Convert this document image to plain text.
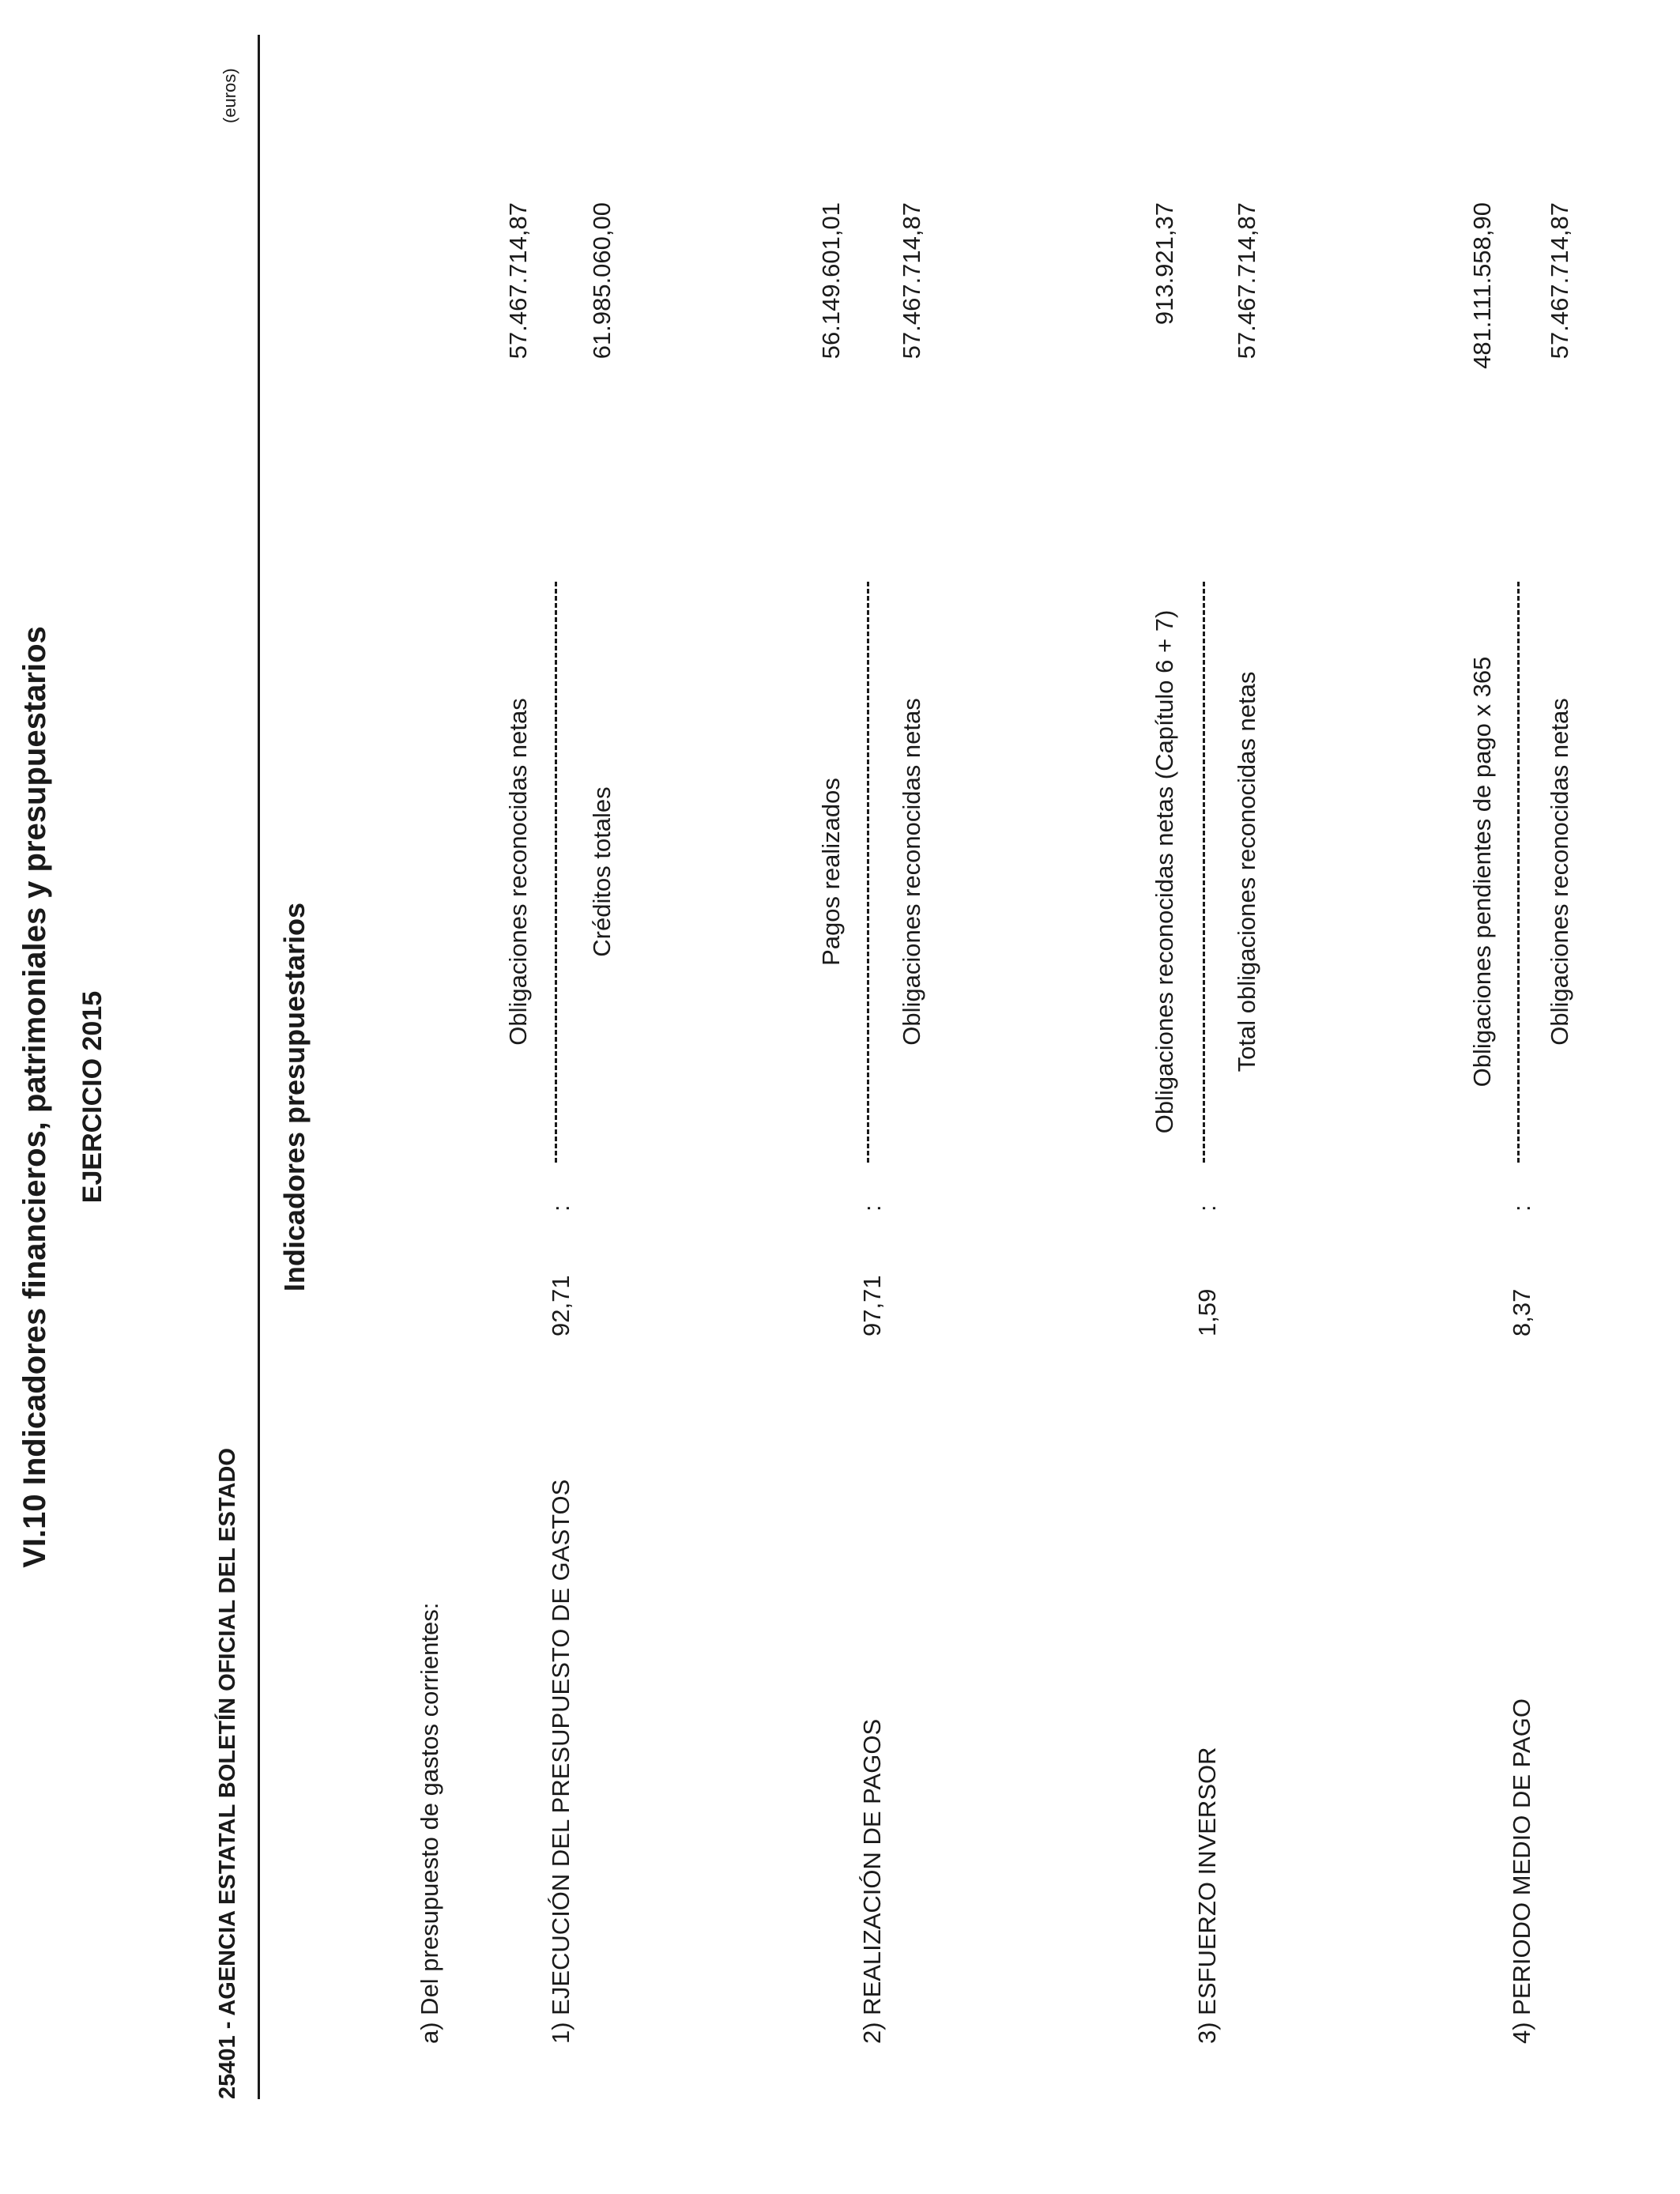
VI.10 Indicadores financieros, patrimoniales y presupuestarios EJERCICIO 2015
25401 - AGENCIA ESTATAL BOLETÍN OFICIAL DEL ESTADO
(euros)
Indicadores presupuestarios
a) Del presupuesto de gastos corrientes:	1) EJECUCIÓN DEL PRESUPUESTO DE GASTOS
92,71
:
Obligaciones reconocidas netas Créditos totales
57.467.714,87 61.985.060,00
2) REALIZACIÓN DE PAGOS
97,71
:
Pagos realizados Obligaciones reconocidas netas
56.149.601,01 57.467.714,87
3) ESFUERZO INVERSOR
1,59
:
Obligaciones reconocidas netas (Capítulo 6 + 7) Total obligaciones reconocidas netas
913.921,37 57.467.714,87
4) PERIODO MEDIO DE PAGO
8,37
:
Obligaciones pendientes de pago x 365 Obligaciones reconocidas netas
481.111.558,90 57.467.714,87
